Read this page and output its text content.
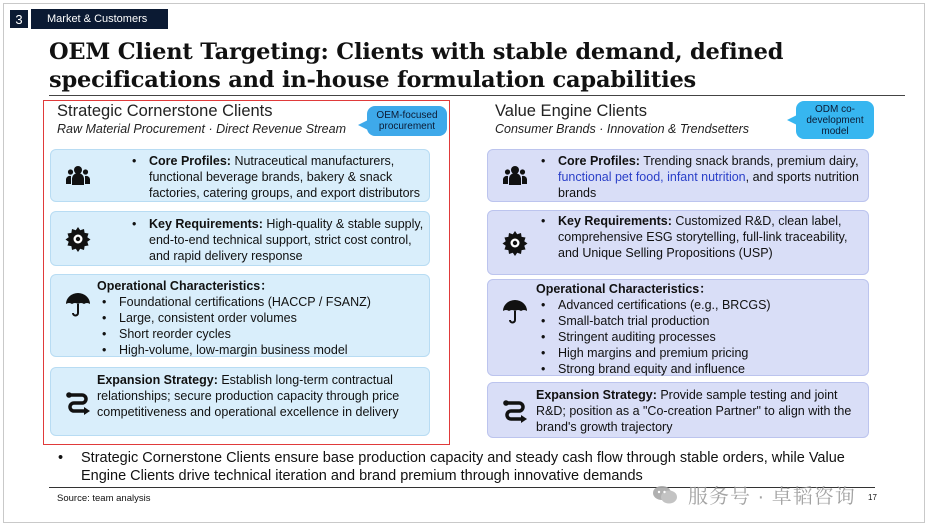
3	Market & Customers
OEM Client Targeting: Clients with stable demand, defined
specifications and in-house formulation capabilities
Strategic Cornerstone Clients
Raw Material Procurement · Direct Revenue Stream
OEM-focused procurement
• Core Profiles: Nutraceutical manufacturers, functional beverage brands, bakery & snack factories, catering groups, and export distributors
• Key Requirements: High-quality & stable supply, end-to-end technical support, strict cost control, and rapid delivery response
Operational Characteristics：
• Foundational certifications (HACCP / FSANZ)
• Large, consistent order volumes
• Short reorder cycles
• High-volume, low-margin business model
Expansion Strategy: Establish long-term contractual relationships; secure production capacity through price competitiveness and operational excellence in delivery
Value Engine Clients
Consumer Brands · Innovation & Trendsetters
ODM co-development model
• Core Profiles: Trending snack brands, premium dairy, functional pet food, infant nutrition, and sports nutrition brands
• Key Requirements: Customized R&D, clean label, comprehensive ESG storytelling, full-link traceability, and Unique Selling Propositions (USP)
Operational Characteristics：
• Advanced certifications (e.g., BRCGS)
• Small-batch trial production
• Stringent auditing processes
• High margins and premium pricing
• Strong brand equity and influence
Expansion Strategy: Provide sample testing and joint R&D; position as a "Co-creation Partner" to align with the brand's growth trajectory
• Strategic Cornerstone Clients ensure base production capacity and steady cash flow through stable orders, while Value Engine Clients drive technical iteration and brand premium through innovative demands
Source: team analysis	17
服务号 · 卓韬咨询
